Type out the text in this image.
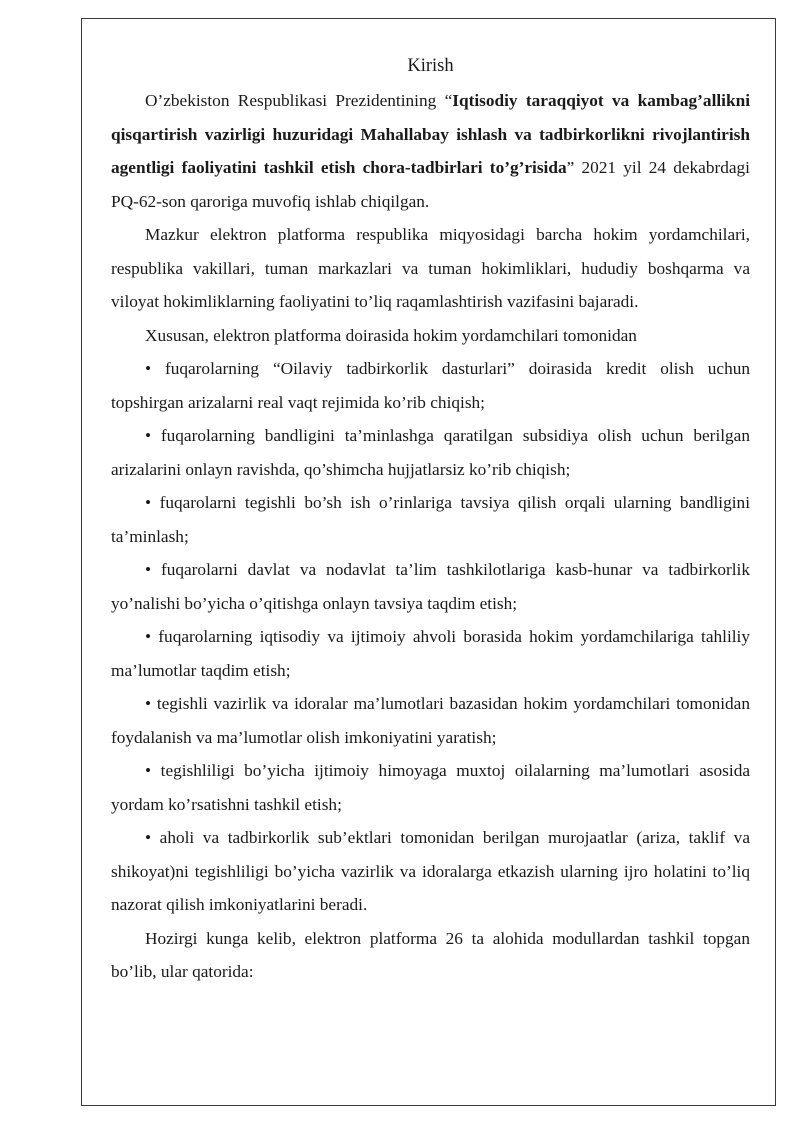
Kirish

O’zbekiston Respublikasi Prezidentining “Iqtisodiy taraqqiyot va kambag’allikni qisqartirish vazirligi huzuridagi Mahallabay ishlash va tadbirkorlikni rivojlantirish agentligi faoliyatini tashkil etish chora-tadbirlari to’g’risida” 2021 yil 24 dekabrdagi PQ-62-son qaroriga muvofiq ishlab chiqilgan.

Mazkur elektron platforma respublika miqyosidagi barcha hokim yordamchilari, respublika vakillari, tuman markazlari va tuman hokimliklari, hududiy boshqarma va viloyat hokimliklarning faoliyatini to’liq raqamlashtirish vazifasini bajaradi.

Xususan, elektron platforma doirasida hokim yordamchilari tomonidan

• fuqarolarning “Oilaviy tadbirkorlik dasturlari” doirasida kredit olish uchun topshirgan arizalarni real vaqt rejimida ko’rib chiqish;

• fuqarolarning bandligini ta’minlashga qaratilgan subsidiya olish uchun berilgan arizalarini onlayn ravishda, qo’shimcha hujjatlarsiz ko’rib chiqish;

• fuqarolarni tegishli bo’sh ish o’rinlariga tavsiya qilish orqali ularning bandligini ta’minlash;

• fuqarolarni davlat va nodavlat ta’lim tashkilotlariga kasb-hunar va tadbirkorlik yo’nalishi bo’yicha o’qitishga onlayn tavsiya taqdim etish;

• fuqarolarning iqtisodiy va ijtimoiy ahvoli borasida hokim yordamchilariga tahliliy ma’lumotlar taqdim etish;

• tegishli vazirlik va idoralar ma’lumotlari bazasidan hokim yordamchilari tomonidan foydalanish va ma’lumotlar olish imkoniyatini yaratish;

• tegishliligi bo’yicha ijtimoiy himoyaga muxtoj oilalarning ma’lumotlari asosida yordam ko’rsatishni tashkil etish;

• aholi va tadbirkorlik sub’ektlari tomonidan berilgan murojaatlar (ariza, taklif va shikoyat)ni tegishliligi bo’yicha vazirlik va idoralarga etkazish ularning ijro holatini to’liq nazorat qilish imkoniyatlarini beradi.

Hozirgi kunga kelib, elektron platforma 26 ta alohida modullardan tashkil topgan bo’lib, ular qatorida:
